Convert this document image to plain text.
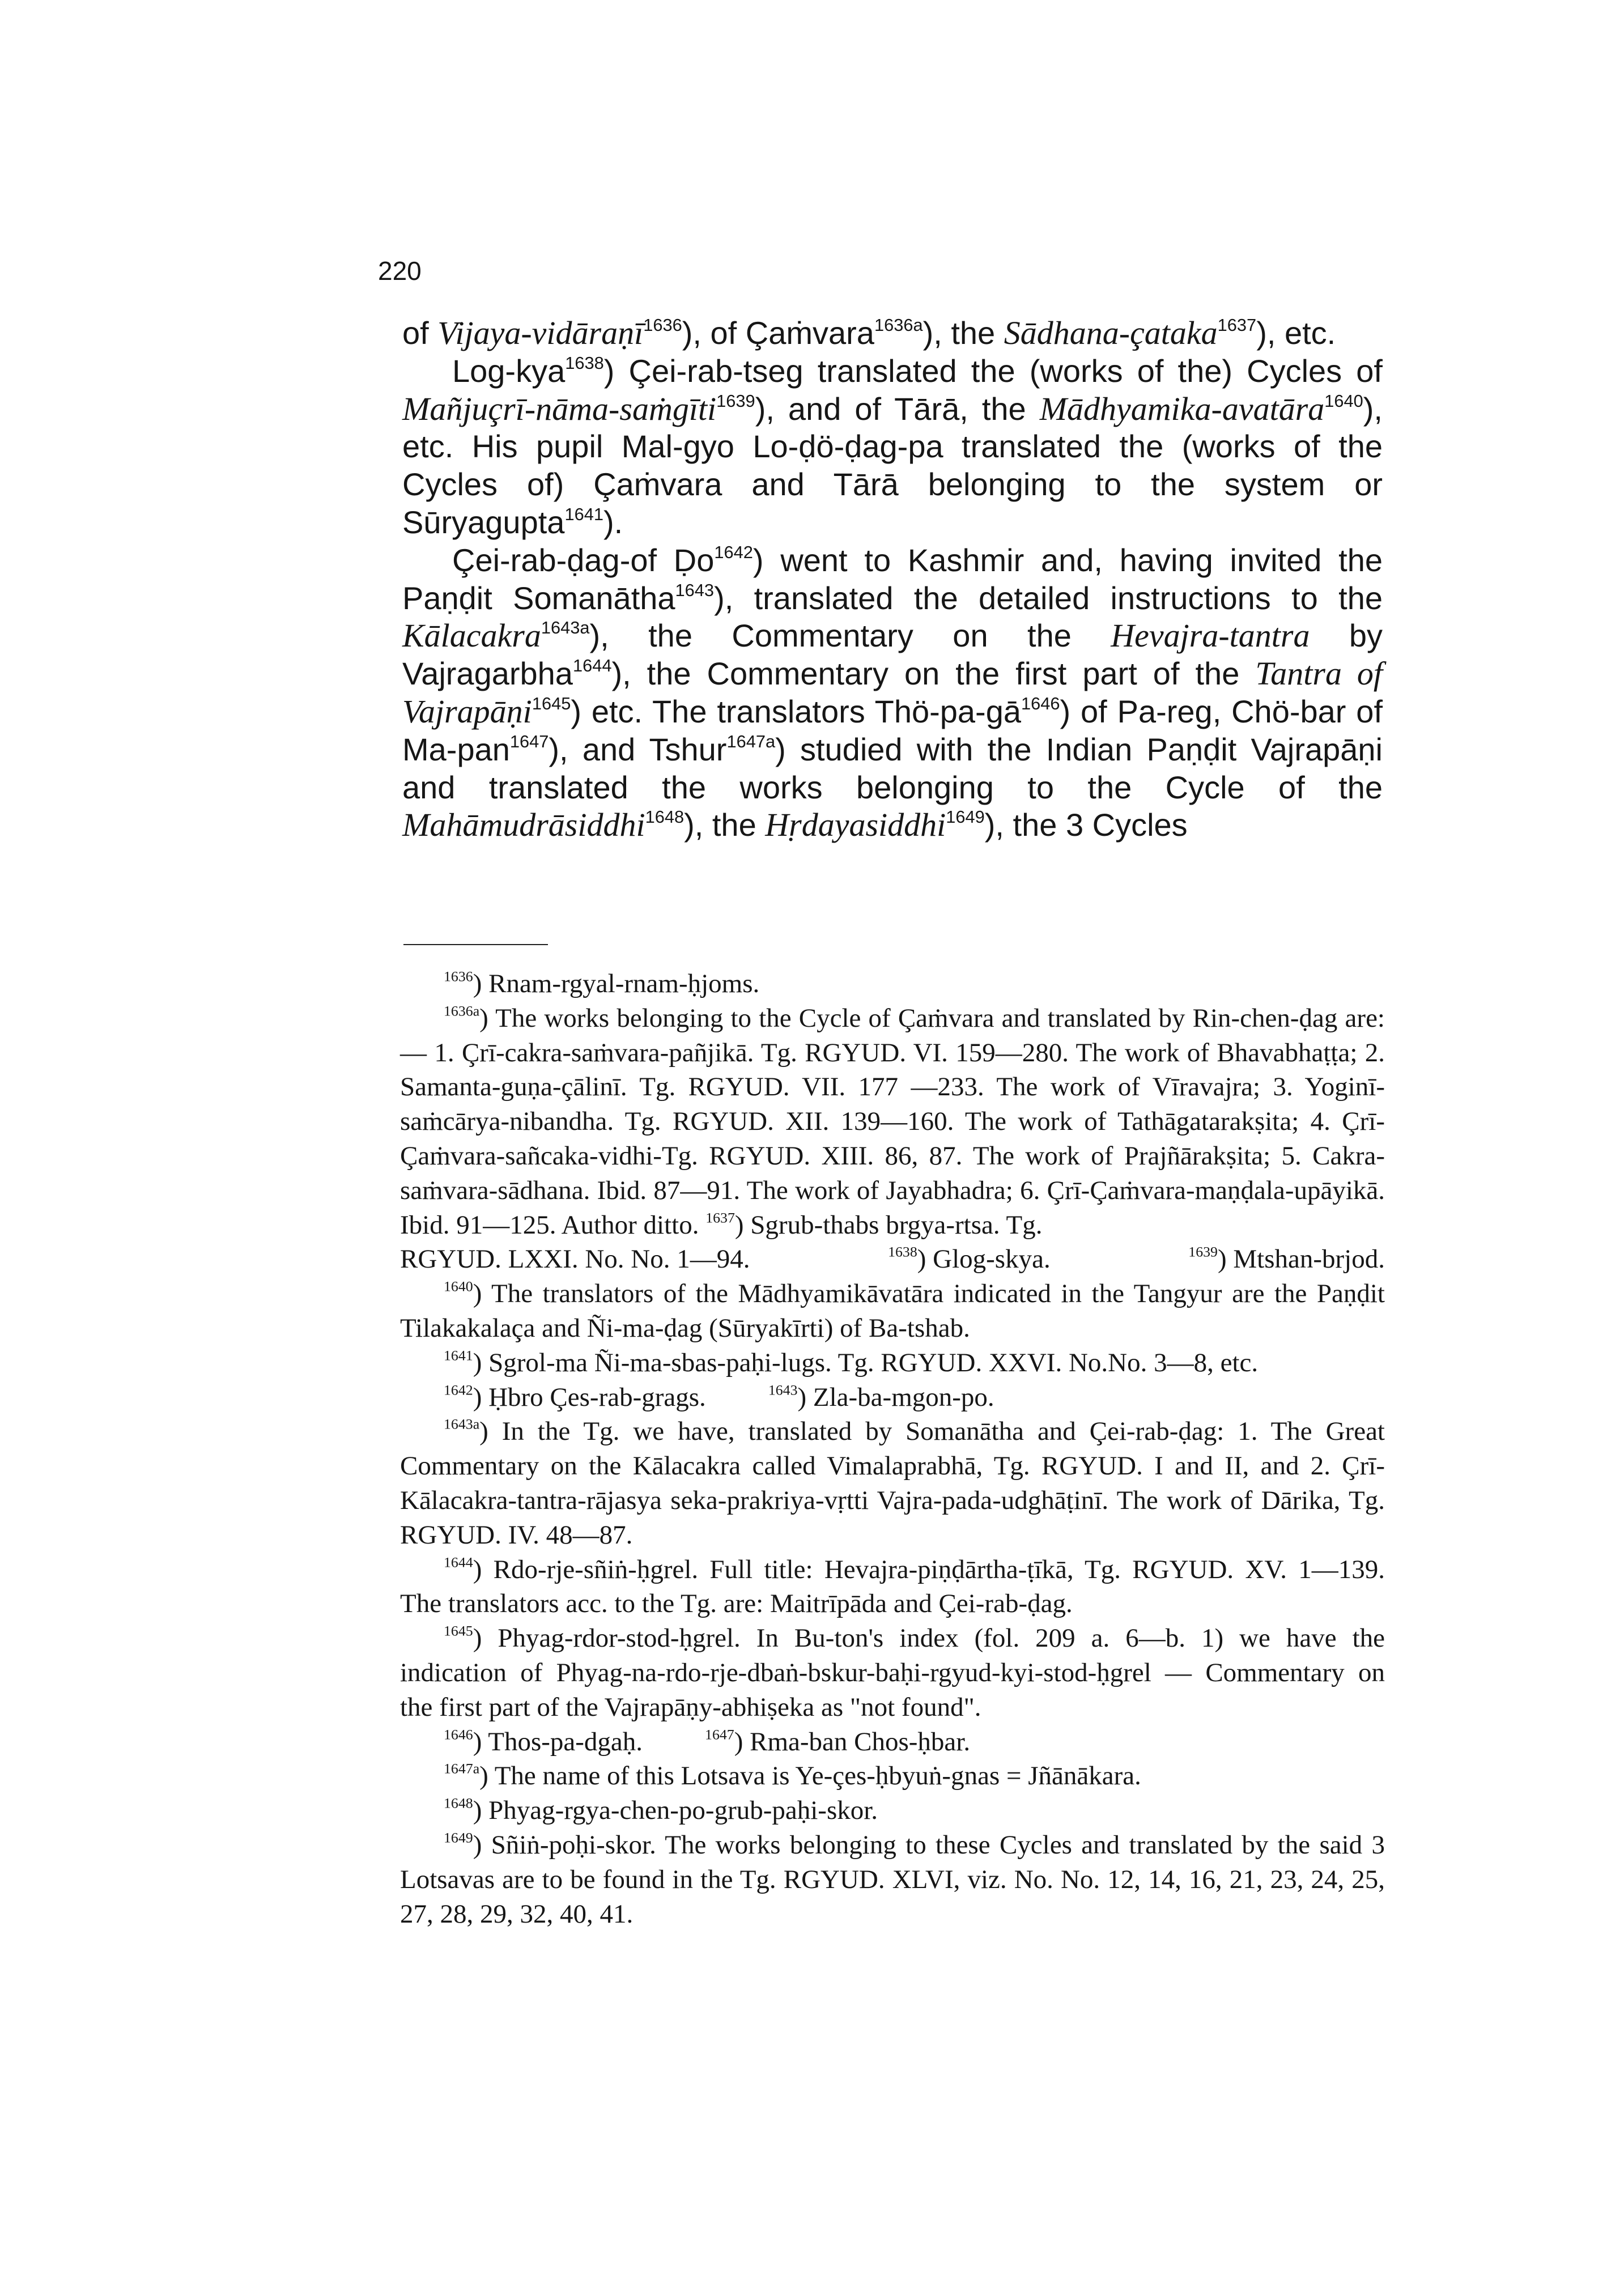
220

of Vijaya-vidāraṇī$^{1636}$), of Çaṁvara$^{1636a}$), the Sādhana-çataka$^{1637}$), etc.

Log-kya$^{1638}$) Çei-rab-tseg translated the (works of the) Cycles of Mañjuçrī-nāma-saṁgīti$^{1639}$), and of Tārā, the Mādhyamika-avatāra$^{1640}$), etc. His pupil Mal-gyo Lo-ḍö-ḍag-pa translated the (works of the Cycles of) Çaṁvara and Tārā belonging to the system or Sūryagupta$^{1641}$).

Çei-rab-ḍag-of Ḍo$^{1642}$) went to Kashmir and, having invited the Paṇḍit Somanātha$^{1643}$), translated the detailed instructions to the Kālacakra$^{1643a}$), the Commentary on the Hevajra-tantra by Vajragarbha$^{1644}$), the Commentary on the first part of the Tantra of Vajrapāṇi$^{1645}$) etc. The translators Thö-$pa-gā^{1646}$) of Pa-reg, Chö-bar of Ma-pan$^{1647}$), and Tshur$^{1647a}$) studied with the Indian Paṇḍit Vajrapāṇi and translated the works belonging to the Cycle of the Mahāmudrāsiddhi$^{1648}$), the Hṛdayasiddhi$^{1649}$), the 3 Cycles

$^{1636}$) Rnam-rgyal-rnam-ḥjoms.

$^{1636a}$) The works belonging to the Cycle of Çaṁvara and translated by Rin-chen-ḍag are: — 1. Çrī-cakra-saṁvara-pañjikā. Tg. RGYUD. VI. 159—280. The work of Bhavabhaṭṭa; 2. Samanta-guṇa-çālinī. Tg. RGYUD. VII. 177 —233. The work of Vīravajra; 3. Yoginī-saṁcārya-nibandha. Tg. RGYUD. XII. 139—160. The work of Tathāgatarakṣita; 4. Çrī-Çaṁvara-sañcaka-vidhi-Tg. RGYUD. XIII. 86, 87. The work of Prajñārakṣita; 5. Cakra-saṁvara-sādhana. Ibid. 87—91. The work of Jayabhadra; 6. Çrī-Çaṁvara-maṇḍala-upāyikā. Ibid. 91—125. Author ditto. $^{1637}$) Sgrub-thabs brgya-rtsa. Tg.

RGYUD. LXXI. No. No. 1—94.	$^{1638}$) Glog-skya.	$^{1639}$) Mtshan-brjod.

$^{1640}$) The translators of the Mādhyamikāvatāra indicated in the Tangyur are the Paṇḍit Tilakakalaça and Ñi-ma-ḍag (Sūryakīrti) of Ba-tshab.

$^{1641}$) Sgrol-ma Ñi-ma-sbas-paḥi-lugs. Tg. RGYUD. XXVI. No.No. 3—8, etc.

$^{1642}$) Ḥbro Çes-rab-grags.	$^{1643}$) Zla-ba-mgon-po.

$^{1643a}$) In the Tg. we have, translated by Somanātha and Çei-rab-ḍag: 1. The Great Commentary on the Kālacakra called Vimalaprabhā, Tg. RGYUD. I and II, and 2. Çrī-Kālacakra-tantra-rājasya seka-prakriya-vṛtti Vajra-pada-udghāṭinī. The work of Dārika, Tg. RGYUD. IV. 48—87.

$^{1644}$) Rdo-rje-sñiṅ-ḥgrel. Full title: Hevajra-piṇḍārtha-ṭīkā, Tg. RGYUD. XV. 1—139. The translators acc. to the Tg. are: Maitrīpāda and Çei-rab-ḍag.

$^{1645}$) Phyag-rdor-stod-ḥgrel. In Bu-ton's index (fol. 209 a. 6—b. 1) we have the indication of Phyag-na-rdo-rje-dbaṅ-bskur-baḥi-rgyud-kyi-stod-ḥgrel — Commentary on the first part of the Vajrapāṇy-abhiṣeka as "not found".

$^{1646}$) Thos-pa-dgaḥ.	$^{1647}$) Rma-ban Chos-ḥbar.

$^{1647a}$) The name of this Lotsava is Ye-çes-ḥbyuṅ-gnas = Jñānākara.

$^{1648}$) Phyag-rgya-chen-po-grub-paḥi-skor.

$^{1649}$) Sñiṅ-poḥi-skor. The works belonging to these Cycles and translated by the said 3 Lotsavas are to be found in the Tg. RGYUD. XLVI, viz. No. No. 12, 14, 16, 21, 23, 24, 25, 27, 28, 29, 32, 40, 41.
